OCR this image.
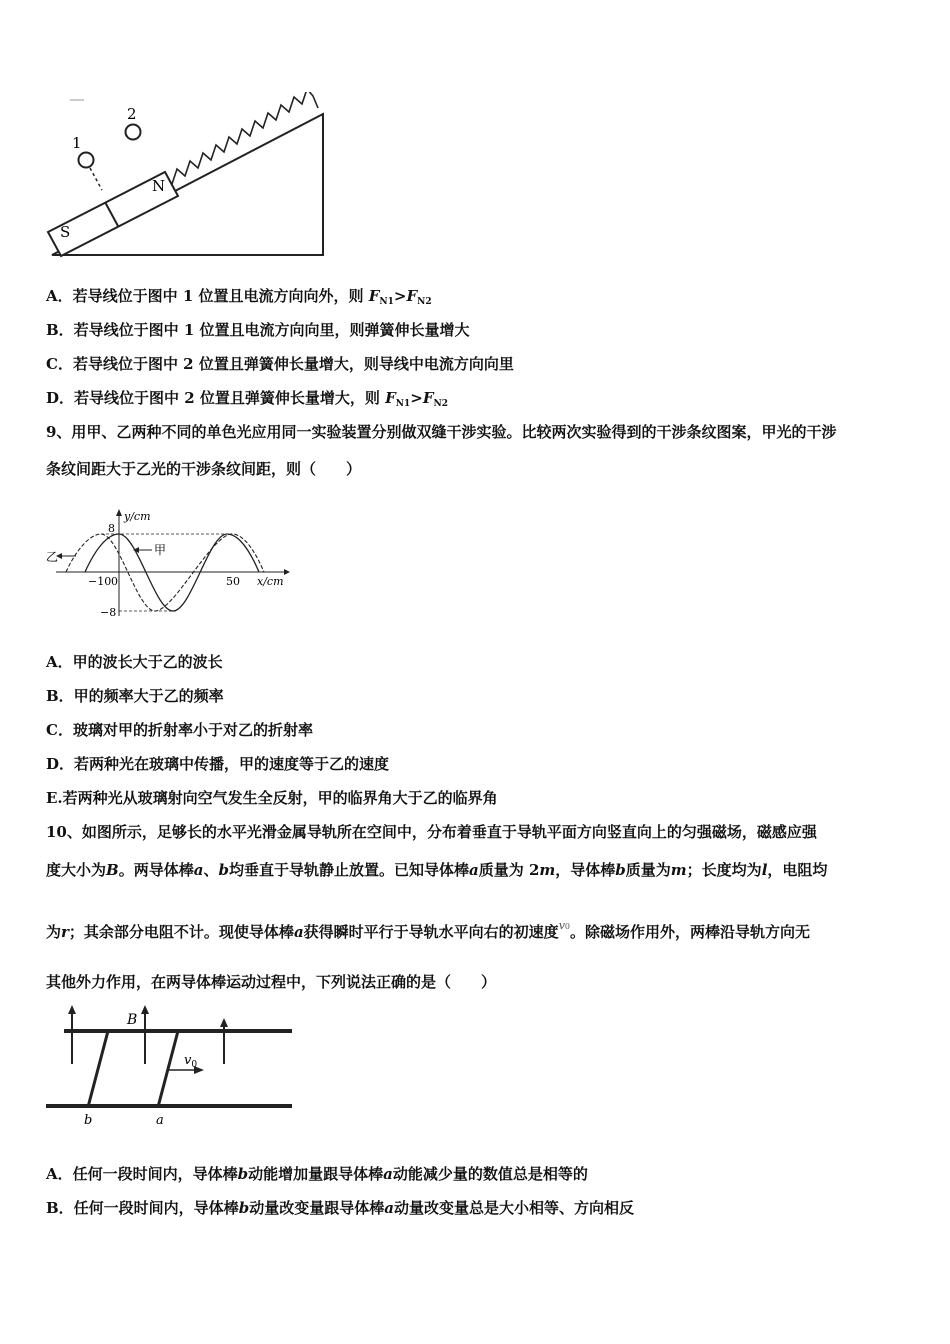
S
N
1
2
A．若导线位于图中 1 位置且电流方向向外，则 $F_{N1}>F_{N2}$
B．若导线位于图中 1 位置且电流方向向里，则弹簧伸长量增大
C．若导线位于图中 2 位置且弹簧伸长量增大，则导线中电流方向向里
D．若导线位于图中 2 位置且弹簧伸长量增大，则 $F_{N1}>F_{N2}$
9、用甲、乙两种不同的单色光应用同一实验装置分别做双缝干涉实验。比较两次实验得到的干涉条纹图案，甲光的干涉
条纹间距大于乙光的干涉条纹间距，则（　　）
乙	甲
y/cm
8
−8
−10 0	50 x/cm
A．甲的波长大于乙的波长
B．甲的频率大于乙的频率
C．玻璃对甲的折射率小于对乙的折射率
D．若两种光在玻璃中传播，甲的速度等于乙的速度
E.若两种光从玻璃射向空气发生全反射，甲的临界角大于乙的临界角
10、如图所示，足够长的水平光滑金属导轨所在空间中，分布着垂直于导轨平面方向竖直向上的匀强磁场，磁感应强
度大小为B。两导体棒a、b均垂直于导轨静止放置。已知导体棒a质量为 2m，导体棒b质量为m；长度均为l，电阻均
为r；其余部分电阻不计。现使导体棒a获得瞬时平行于导轨水平向右的初速度$^{v0}$。除磁场作用外，两棒沿导轨方向无
其他外力作用，在两导体棒运动过程中，下列说法正确的是（　　）
B
$v_0$
b	a
A．任何一段时间内，导体棒b动能增加量跟导体棒a动能减少量的数值总是相等的
B．任何一段时间内，导体棒b动量改变量跟导体棒a动量改变量总是大小相等、方向相反
